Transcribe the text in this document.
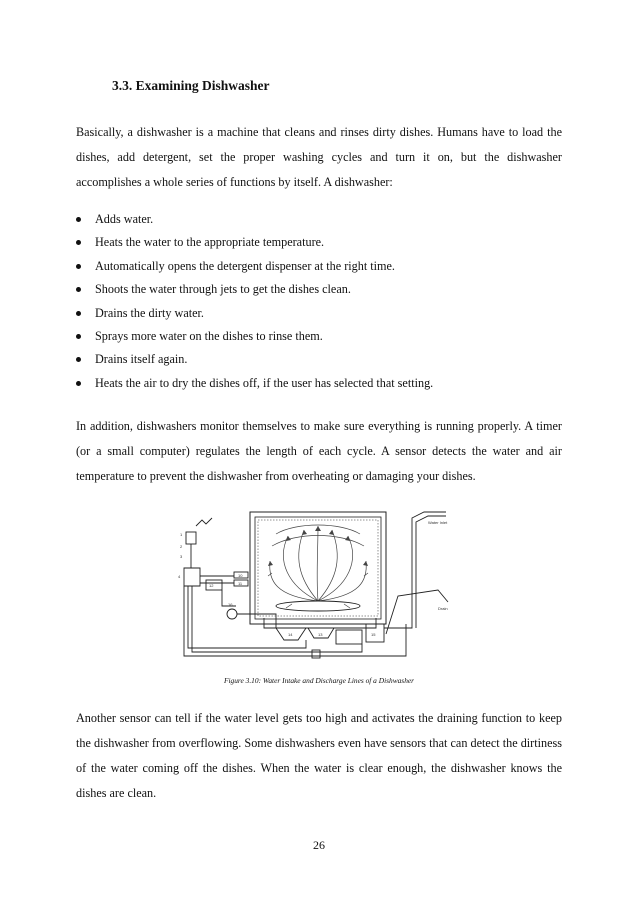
3.3. Examining Dishwasher

Basically, a dishwasher is a machine that cleans and rinses dirty dishes. Humans have to load the dishes, add detergent, set the proper washing cycles and turn it on, but the dishwasher accomplishes a whole series of functions by itself. A dishwasher:

Adds water.
Heats the water to the appropriate temperature.
Automatically opens the detergent dispenser at the right time.
Shoots the water through jets to get the dishes clean.
Drains the dirty water.
Sprays more water on the dishes to rinse them.
Drains itself again.
Heats the air to dry the dishes off, if the user has selected that setting.

In addition, dishwashers monitor themselves to make sure everything is running properly. A timer (or a small computer) regulates the length of each cycle. A sensor detects the water and air temperature to prevent the dishwasher from overheating or damaging your dishes.

1
2
3
4	10
11
12
13
14	15
16
Water Inlet
Drain

Figure 3.10: Water Intake and Discharge Lines of a Dishwasher

Another sensor can tell if the water level gets too high and activates the draining function to keep the dishwasher from overflowing. Some dishwashers even have sensors that can detect the dirtiness of the water coming off the dishes. When the water is clear enough, the dishwasher knows the dishes are clean.

26
